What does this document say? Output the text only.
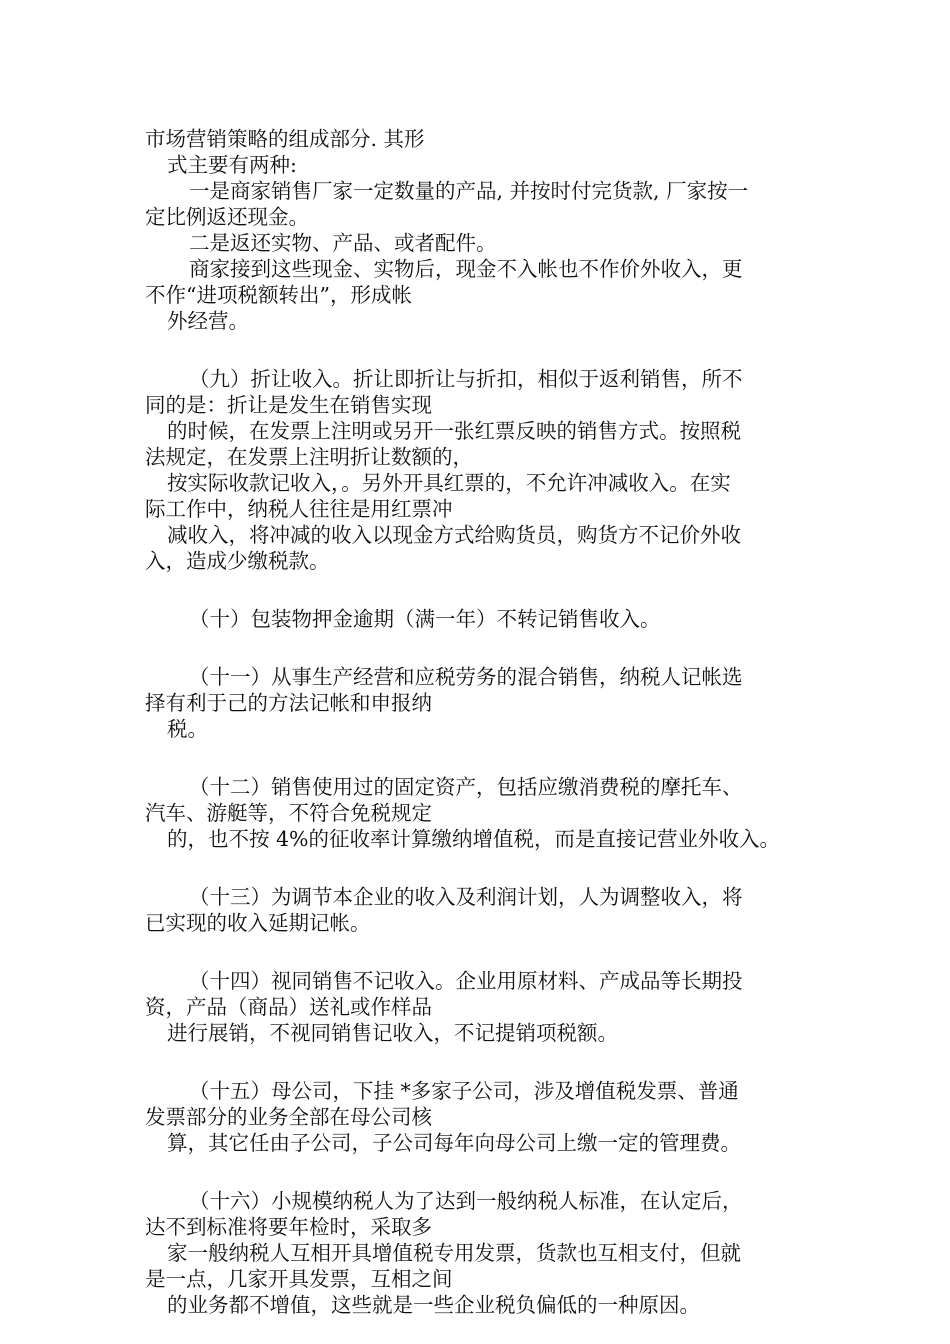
市场营销策略的组成部分. 其形
式主要有两种:
一是商家销售厂家一定数量的产品, 并按时付完货款, 厂家按一
定比例返还现金。
二是返还实物、产品、或者配件。
商家接到这些现金、实物后，现金不入帐也不作价外收入，更
不作“进项税额转出”，形成帐
外经营。
（九）折让收入。折让即折让与折扣，相似于返利销售，所不
同的是：折让是发生在销售实现
的时候，在发票上注明或另开一张红票反映的销售方式。按照税
法规定，在发票上注明折让数额的，
按实际收款记收入，。另外开具红票的，不允许冲减收入。在实
际工作中，纳税人往往是用红票冲
减收入，将冲减的收入以现金方式给购货员，购货方不记价外收
入，造成少缴税款。
（十）包装物押金逾期（满一年）不转记销售收入。
（十一）从事生产经营和应税劳务的混合销售，纳税人记帐选
择有利于己的方法记帐和申报纳
税。
（十二）销售使用过的固定资产，包括应缴消费税的摩托车、
汽车、游艇等，不符合免税规定
的，也不按 4%的征收率计算缴纳增值税，而是直接记营业外收入。
（十三）为调节本企业的收入及利润计划，人为调整收入，将
已实现的收入延期记帐。
（十四）视同销售不记收入。企业用原材料、产成品等长期投
资，产品（商品）送礼或作样品
进行展销，不视同销售记收入，不记提销项税额。
（十五）母公司，下挂 *多家子公司，涉及增值税发票、普通
发票部分的业务全部在母公司核
算，其它任由子公司，子公司每年向母公司上缴一定的管理费。
（十六）小规模纳税人为了达到一般纳税人标准，在认定后，
达不到标准将要年检时，采取多
家一般纳税人互相开具增值税专用发票，货款也互相支付，但就
是一点，几家开具发票，互相之间
的业务都不增值，这些就是一些企业税负偏低的一种原因。
